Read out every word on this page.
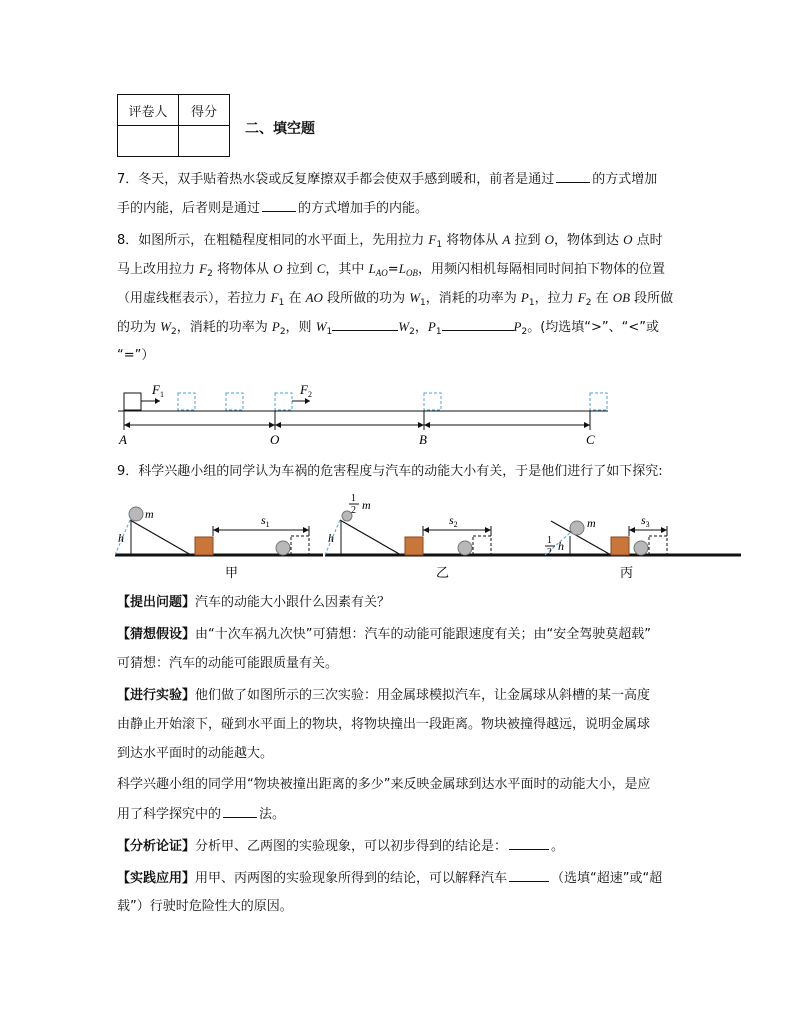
评卷人	得分

二、填空题
7．冬天，双手贴着热水袋或反复摩擦双手都会使双手感到暖和，前者是通过	的方式增加
手的内能，后者则是通过	的方式增加手的内能。
8．如图所示，在粗糙程度相同的水平面上，先用拉力 $F_1$ 将物体从 A 拉到 O，物体到达 O 点时
马上改用拉力 $F_2$ 将物体从 O 拉到 C，其中 $L_{AO}=L_{OB}$，用频闪相机每隔相同时间拍下物体的位置
（用虚线框表示），若拉力 $F_1$ 在 AO 段所做的功为 $W_1$，消耗的功率为 $P_1$，拉力 $F_2$ 在 OB 段所做
的功为 $W_2$，消耗的功率为 $P_2$，则 $W_1$	$W_2$，$P_1$	$P_2$。(均选填“>”、“<”或
“=”）
$F_1$	$F_2$
A	O	B	C
9．科学兴趣小组的同学认为车祸的危害程度与汽车的动能大小有关，于是他们进行了如下探究:
h
m	$s_1$
甲
h
1
2 m
$s_2$
乙
1
2 h
m	$s_3$
丙
【提出问题】汽车的动能大小跟什么因素有关？
【猜想假设】由“十次车祸九次快”可猜想：汽车的动能可能跟速度有关；由“安全驾驶莫超载”
可猜想：汽车的动能可能跟质量有关。
【进行实验】他们做了如图所示的三次实验：用金属球模拟汽车，让金属球从斜槽的某一高度
由静止开始滚下，碰到水平面上的物块，将物块撞出一段距离。物块被撞得越远，说明金属球
到达水平面时的动能越大。
科学兴趣小组的同学用“物块被撞出距离的多少”来反映金属球到达水平面时的动能大小，是应
用了科学探究中的	法。
【分析论证】分析甲、乙两图的实验现象，可以初步得到的结论是：	。
【实践应用】用甲、丙两图的实验现象所得到的结论，可以解释汽车	（选填“超速”或“超
载”）行驶时危险性大的原因。
